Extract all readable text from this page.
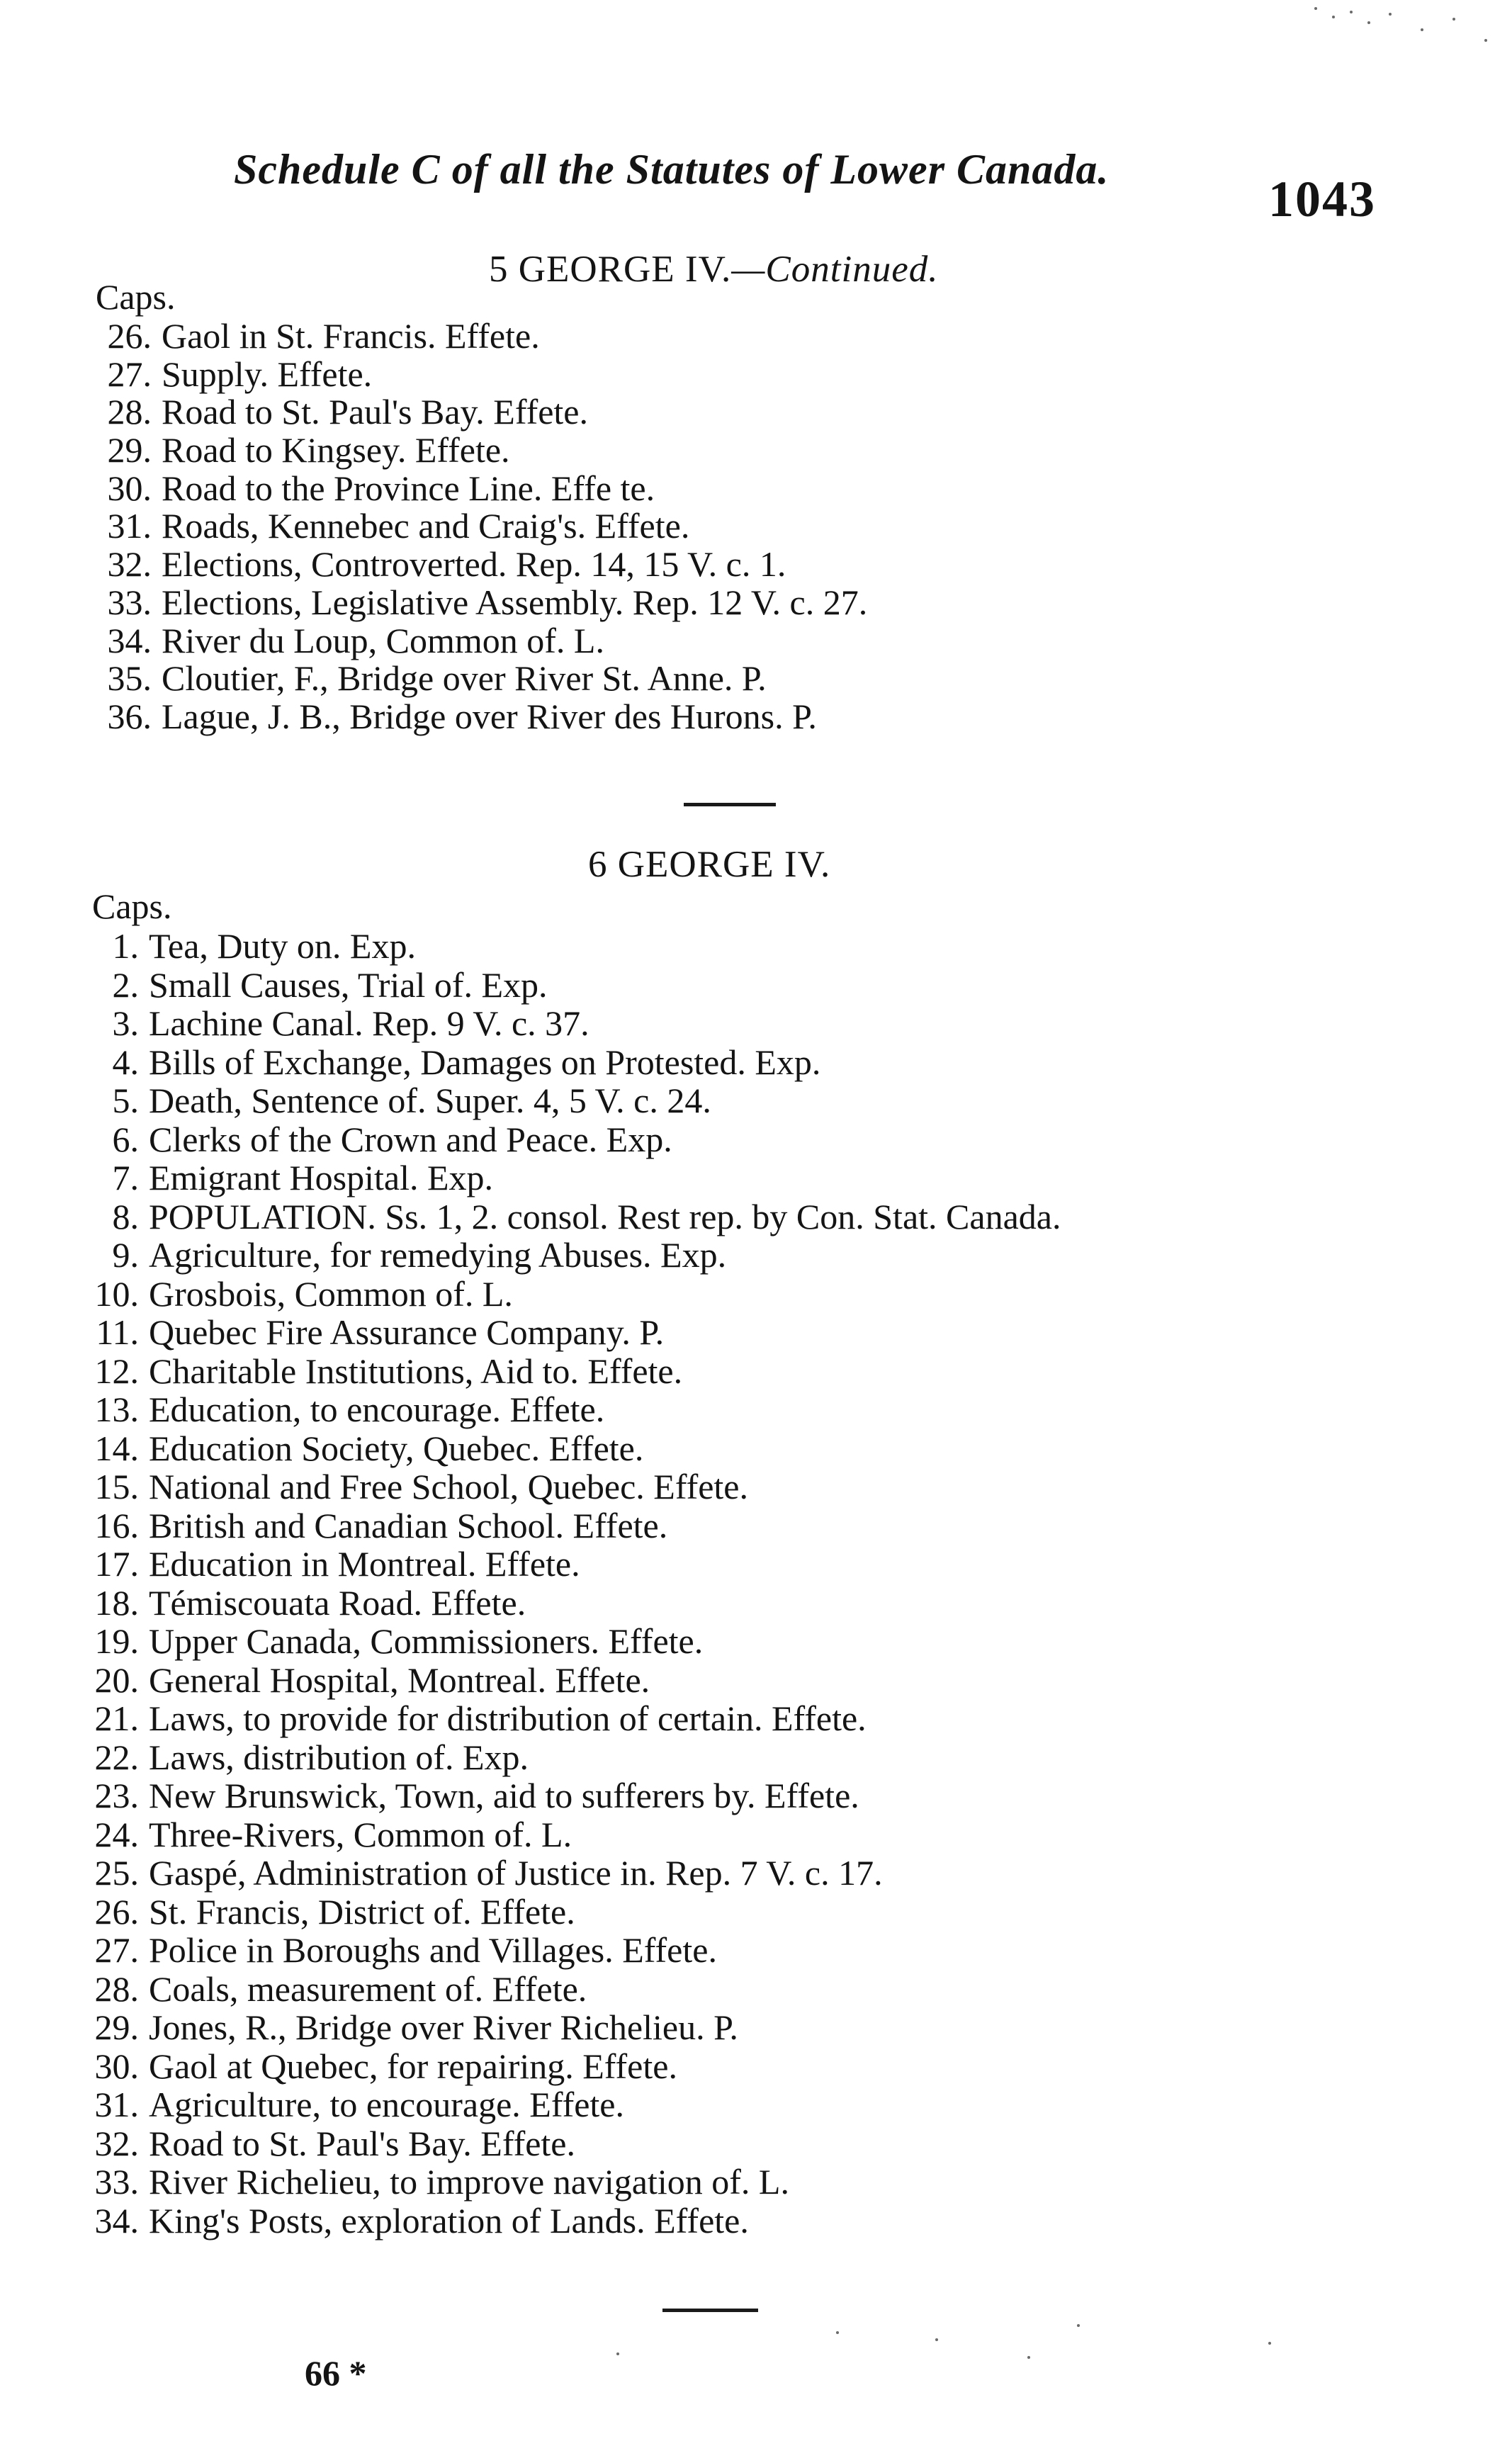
Schedule C of all the Statutes of Lower Canada.
1043
5 GEORGE IV.—Continued.
Caps.
26. Gaol in St. Francis. Effete.
27. Supply. Effete.
28. Road to St. Paul's Bay. Effete.
29. Road to Kingsey. Effete.
30. Road to the Province Line. Effe te.
31. Roads, Kennebec and Craig's. Effete.
32. Elections, Controverted. Rep. 14, 15 V. c. 1.
33. Elections, Legislative Assembly. Rep. 12 V. c. 27.
34. River du Loup, Common of. L.
35. Cloutier, F., Bridge over River St. Anne. P.
36. Lague, J. B., Bridge over River des Hurons. P.
6 GEORGE IV.
Caps.
1. Tea, Duty on. Exp.
2. Small Causes, Trial of. Exp.
3. Lachine Canal. Rep. 9 V. c. 37.
4. Bills of Exchange, Damages on Protested. Exp.
5. Death, Sentence of. Super. 4, 5 V. c. 24.
6. Clerks of the Crown and Peace. Exp.
7. Emigrant Hospital. Exp.
8. POPULATION. Ss. 1, 2. consol. Rest rep. by Con. Stat. Canada.
9. Agriculture, for remedying Abuses. Exp.
10. Grosbois, Common of. L.
11. Quebec Fire Assurance Company. P.
12. Charitable Institutions, Aid to. Effete.
13. Education, to encourage. Effete.
14. Education Society, Quebec. Effete.
15. National and Free School, Quebec. Effete.
16. British and Canadian School. Effete.
17. Education in Montreal. Effete.
18. Témiscouata Road. Effete.
19. Upper Canada, Commissioners. Effete.
20. General Hospital, Montreal. Effete.
21. Laws, to provide for distribution of certain. Effete.
22. Laws, distribution of. Exp.
23. New Brunswick, Town, aid to sufferers by. Effete.
24. Three-Rivers, Common of. L.
25. Gaspé, Administration of Justice in. Rep. 7 V. c. 17.
26. St. Francis, District of. Effete.
27. Police in Boroughs and Villages. Effete.
28. Coals, measurement of. Effete.
29. Jones, R., Bridge over River Richelieu. P.
30. Gaol at Quebec, for repairing. Effete.
31. Agriculture, to encourage. Effete.
32. Road to St. Paul's Bay. Effete.
33. River Richelieu, to improve navigation of. L.
34. King's Posts, exploration of Lands. Effete.
66 *
